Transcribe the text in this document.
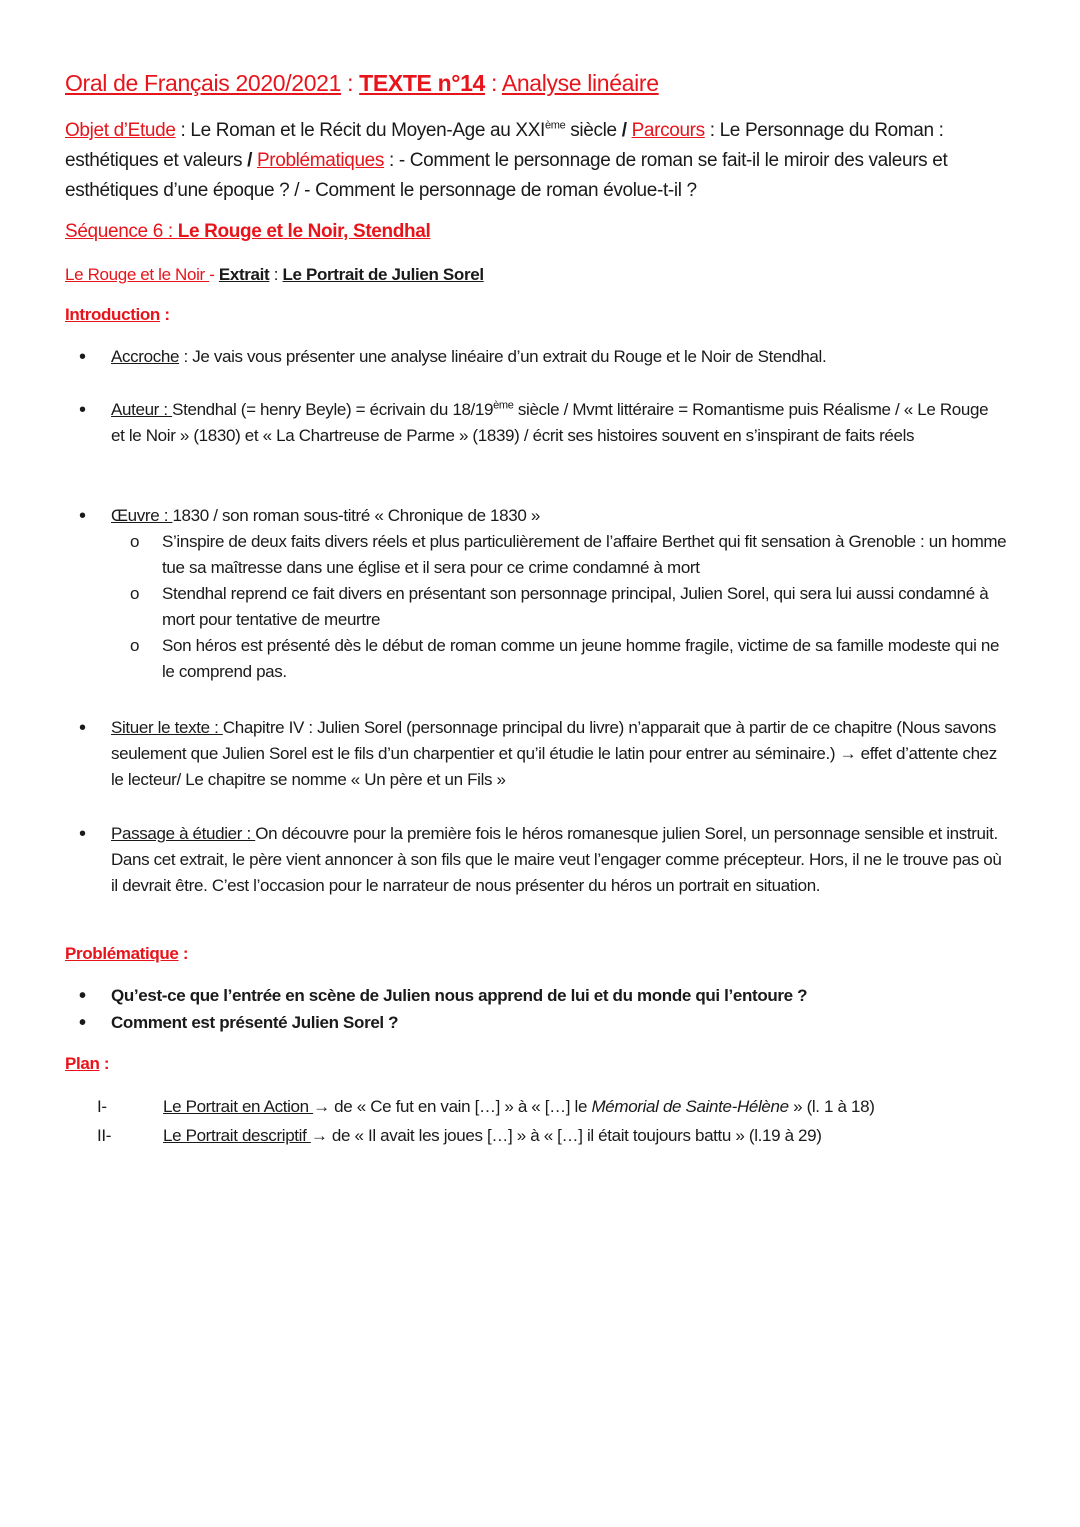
Oral de Français 2020/2021 : TEXTE n°14 : Analyse linéaire
Objet d’Etude : Le Roman et le Récit du Moyen-Age au XXIème siècle / Parcours : Le Personnage du Roman : esthétiques et valeurs / Problématiques : - Comment le personnage de roman se fait-il le miroir des valeurs et esthétiques d’une époque ? / - Comment le personnage de roman évolue-t-il ?
Séquence 6 : Le Rouge et le Noir, Stendhal
Le Rouge et le Noir - Extrait : Le Portrait de Julien Sorel
Introduction :
• Accroche : Je vais vous présenter une analyse linéaire d’un extrait du Rouge et le Noir de Stendhal.
• Auteur : Stendhal (= henry Beyle) = écrivain du 18/19ème siècle / Mvmt littéraire = Romantisme puis Réalisme / « Le Rouge et le Noir » (1830) et « La Chartreuse de Parme » (1839) / écrit ses histoires souvent en s’inspirant de faits réels
• Œuvre : 1830 / son roman sous-titré « Chronique de 1830 »
o S’inspire de deux faits divers réels et plus particulièrement de l’affaire Berthet qui fit sensation à Grenoble : un homme tue sa maîtresse dans une église et il sera pour ce crime condamné à mort
o Stendhal reprend ce fait divers en présentant son personnage principal, Julien Sorel, qui sera lui aussi condamné à mort pour tentative de meurtre
o Son héros est présenté dès le début de roman comme un jeune homme fragile, victime de sa famille modeste qui ne le comprend pas.
• Situer le texte : Chapitre IV : Julien Sorel (personnage principal du livre) n’apparait que à partir de ce chapitre (Nous savons seulement que Julien Sorel est le fils d’un charpentier et qu’il étudie le latin pour entrer au séminaire.) → effet d’attente chez le lecteur/ Le chapitre se nomme « Un père et un Fils »
• Passage à étudier : On découvre pour la première fois le héros romanesque julien Sorel, un personnage sensible et instruit. Dans cet extrait, le père vient annoncer à son fils que le maire veut l’engager comme précepteur. Hors, il ne le trouve pas où il devrait être. C’est l’occasion pour le narrateur de nous présenter du héros un portrait en situation.
Problématique :
• Qu’est-ce que l’entrée en scène de Julien nous apprend de lui et du monde qui l’entoure ?
• Comment est présenté Julien Sorel ?
Plan :
I-	Le Portrait en Action → de « Ce fut en vain […] » à « […] le Mémorial de Sainte-Hélène » (l. 1 à 18)
II-	Le Portrait descriptif → de « Il avait les joues […] » à « […] il était toujours battu » (l.19 à 29)
